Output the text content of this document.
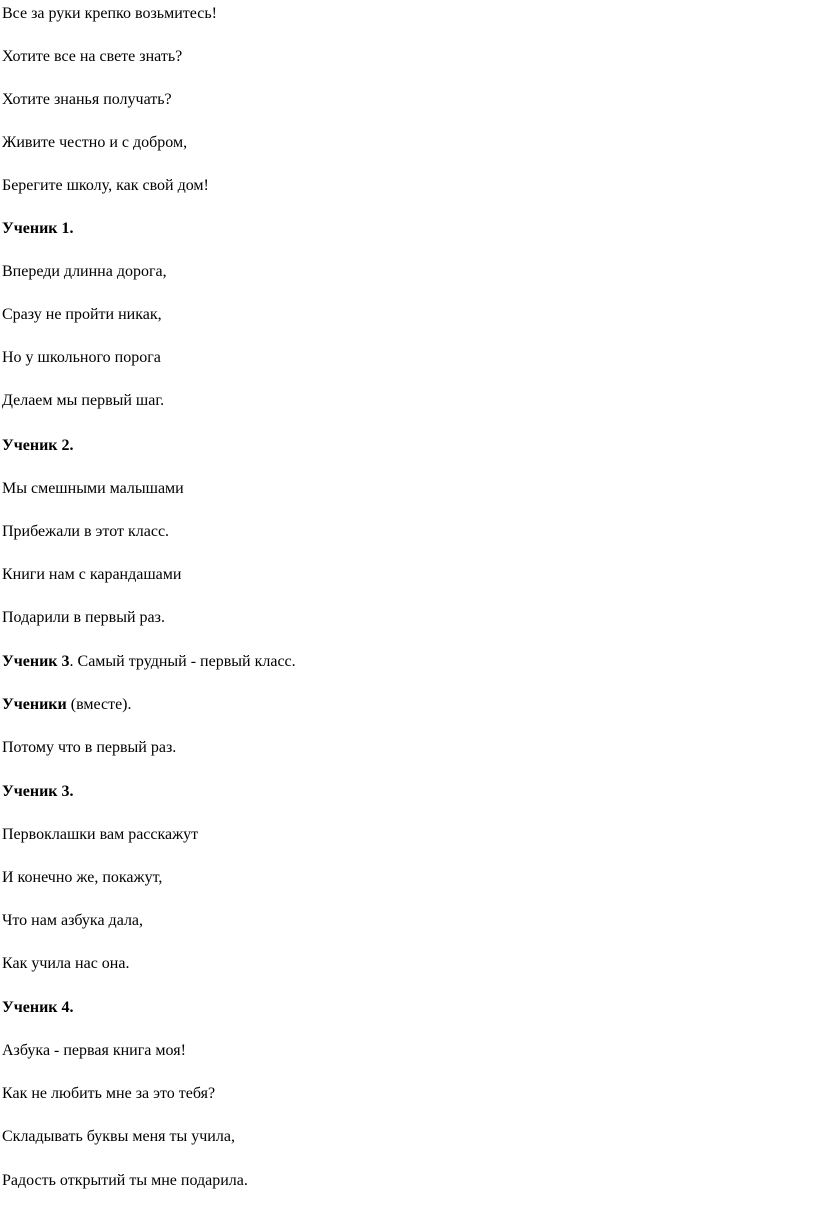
Все за руки крепко возьмитесь!
Хотите все на свете знать?
Хотите знанья получать?
Живите честно и с добром,
Берегите школу, как свой дом!
Ученик 1.
Впереди длинна дорога,
Сразу не пройти никак,
Но у школьного порога
Делаем мы первый шаг.
Ученик 2.
Мы смешными малышами
Прибежали в этот класс.
Книги нам с карандашами
Подарили в первый раз.
Ученик 3. Самый трудный - первый класс.
Ученики (вместе).
Потому что в первый раз.
Ученик 3.
Первоклашки вам расскажут
И конечно же, покажут,
Что нам азбука дала,
Как учила нас она.
Ученик 4.
Азбука - первая книга моя!
Как не любить мне за это тебя?
Складывать буквы меня ты учила,
Радость открытий ты мне подарила.
